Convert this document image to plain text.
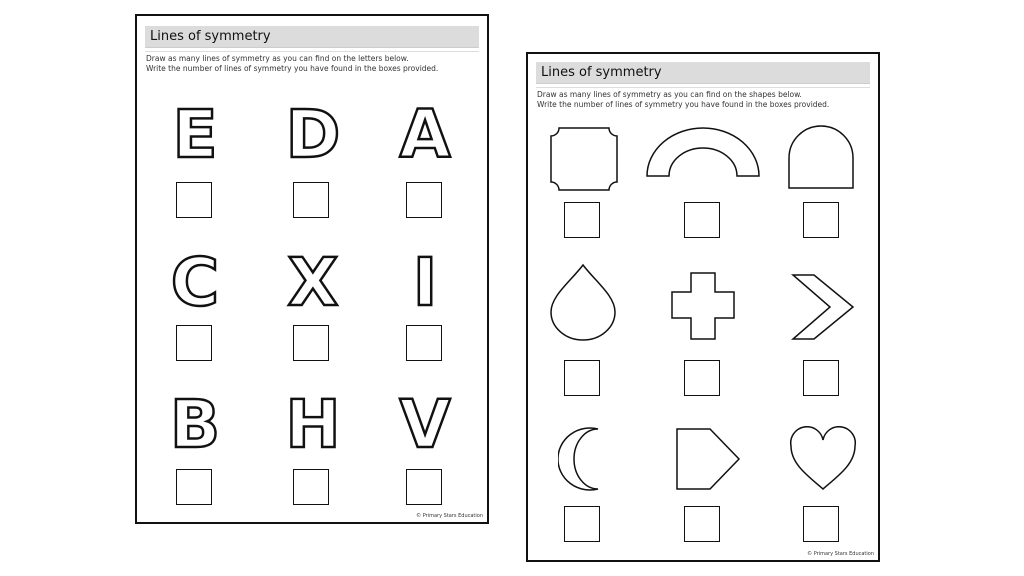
Lines of symmetry
Draw as many lines of symmetry as you can find on the letters below.
Write the number of lines of symmetry you have found in the boxes provided.
E D A
C X	I
B H V
© Primary Stars Education
Lines of symmetry
Draw as many lines of symmetry as you can find on the shapes below.
Write the number of lines of symmetry you have found in the boxes provided.
© Primary Stars Education
